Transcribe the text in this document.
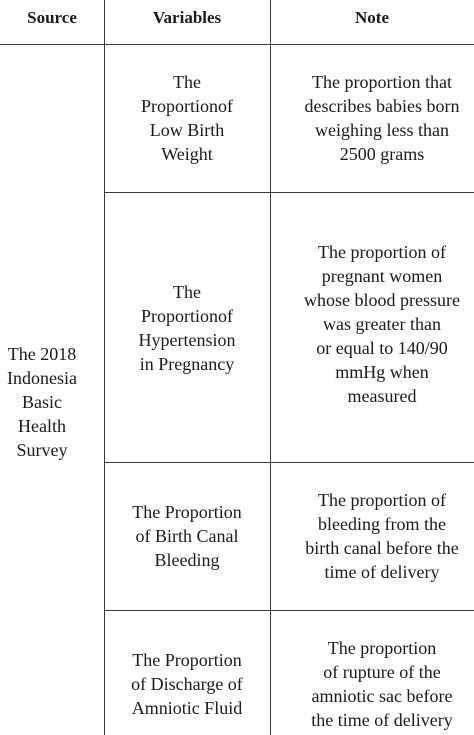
Source	Variables	Note
The 2018
Indonesia
Basic
Health
Survey
The
Proportionof
Low Birth
Weight
The proportion that
describes babies born
weighing less than
2500 grams
The
Proportionof
Hypertension
in Pregnancy
The proportion of
pregnant women
whose blood pressure
was greater than
or equal to 140/90
mmHg when
measured
The Proportion
of Birth Canal
Bleeding
The proportion of
bleeding from the
birth canal before the
time of delivery
The Proportion
of Discharge of
Amniotic Fluid
The proportion
of rupture of the
amniotic sac before
the time of delivery
